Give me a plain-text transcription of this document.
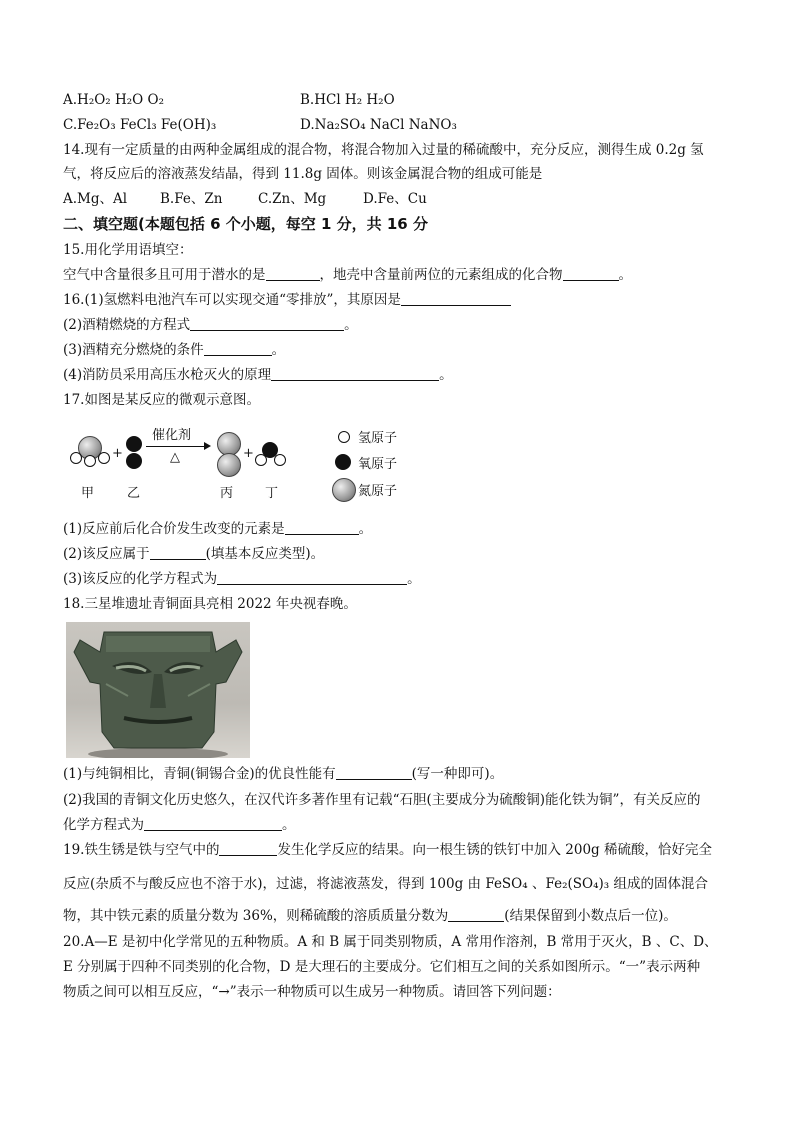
A.H₂O₂ H₂O O₂	B.HCl H₂ H₂O
C.Fe₂O₃ FeCl₃ Fe(OH)₃	D.Na₂SO₄ NaCl NaNO₃
14.现有一定质量的由两种金属组成的混合物，将混合物加入过量的稀硫酸中，充分反应，测得生成 0.2g 氢
气，将反应后的溶液蒸发结晶，得到 11.8g 固体。则该金属混合物的组成可能是
A.Mg、Al B.Fe、Zn	C.Zn、Mg	D.Fe、Cu
二、填空题(本题包括 6 个小题，每空 1 分，共 16 分
15.用化学用语填空：
空气中含量很多且可用于潜水的是	，地壳中含量前两位的元素组成的化合物	。
16.(1)氢燃料电池汽车可以实现交通“零排放”，其原因是
(2)酒精燃烧的方程式	。
(3)酒精充分燃烧的条件	。
(4)消防员采用高压水枪灭火的原理	。
17.如图是某反应的微观示意图。
+
催化剂
△	+
氢原子
氧原子
氮原子
甲	乙	丙 丁
(1)反应前后化合价发生改变的元素是	。
(2)该反应属于	(填基本反应类型)。
(3)该反应的化学方程式为	。
18.三星堆遗址青铜面具亮相 2022 年央视春晚。
(1)与纯铜相比，青铜(铜锡合金)的优良性能有	(写一种即可)。
(2)我国的青铜文化历史悠久，在汉代许多著作里有记载“石胆(主要成分为硫酸铜)能化铁为铜”，有关反应的
化学方程式为	。
19.铁生锈是铁与空气中的	发生化学反应的结果。向一根生锈的铁钉中加入 200g 稀硫酸，恰好完全
反应(杂质不与酸反应也不溶于水)，过滤，将滤液蒸发，得到 100g 由 FeSO₄ 、Fe₂(SO₄)₃ 组成的固体混合
物，其中铁元素的质量分数为 36%，则稀硫酸的溶质质量分数为	(结果保留到小数点后一位)。
20.A—E 是初中化学常见的五种物质。A 和 B 属于同类别物质，A 常用作溶剂，B 常用于灭火，B 、C、D、
E 分别属于四种不同类别的化合物，D 是大理石的主要成分。它们相互之间的关系如图所示。“一”表示两种
物质之间可以相互反应，“→”表示一种物质可以生成另一种物质。请回答下列问题：
